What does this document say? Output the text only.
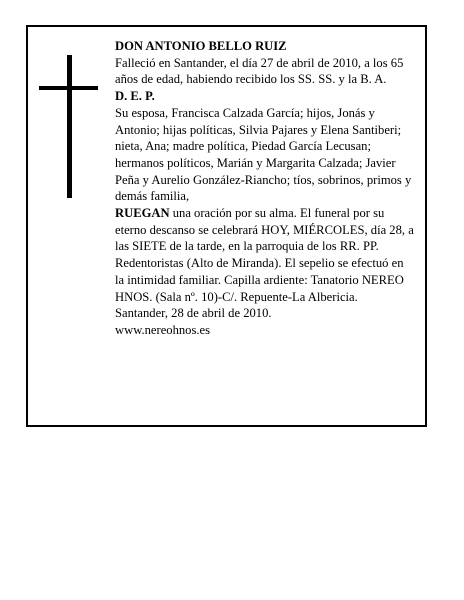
DON ANTONIO BELLO RUIZ

Falleció en Santander, el día 27 de abril de 2010, a los 65 años de edad, habiendo recibido los SS. SS. y la B. A.

D. E. P.

Su esposa, Francisca Calzada García; hijos, Jonás y Antonio; hijas políticas, Silvia Pajares y Elena Santiberi; nieta, Ana; madre política, Piedad García Lecusan; hermanos políticos, Marián y Margarita Calzada; Javier Peña y Aurelio González-Riancho; tíos, sobrinos, primos y demás familia,

RUEGAN una oración por su alma. El funeral por su eterno descanso se celebrará HOY, MIÉRCOLES, día 28, a las SIETE de la tarde, en la parroquia de los RR. PP. Redentoristas (Alto de Miranda). El sepelio se efectuó en la intimidad familiar. Capilla ardiente: Tanatorio NEREO HNOS. (Sala nº. 10)-C/. Repuente-La Albericia.

Santander, 28 de abril de 2010.

www.nereohnos.es
